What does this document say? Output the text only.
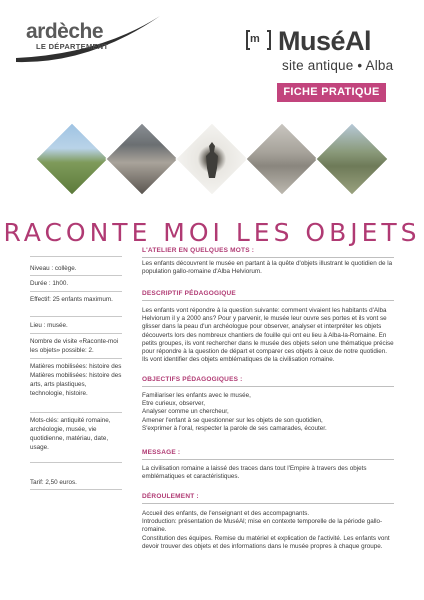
ardèche
LE DÉPARTEMENT
m MuséAl
site antique • Alba
FICHE PRATIQUE
RACONTE MOI LES OBJETS
Niveau : collège.
Durée : 1h00.
Effectif: 25 enfants maximum.
Lieu : musée.
Nombre de visite «Raconte-moi les objets» possible: 2.
Matières mobilisées: histoire des Matières mobilisées: histoire des arts, arts plastiques, technologie, histoire.
Mots-clés: antiquité romaine, archéologie, musée, vie quotidienne, matériau, date, usage.
Tarif: 2,50 euros.
L'ATELIER EN QUELQUES MOTS :

Les enfants découvrent le musée en partant à la quête d'objets illustrant le quotidien de la population gallo-romaine d'Alba Helviorum.

DESCRIPTIF PÉDAGOGIQUE

Les enfants vont répondre à la question suivante: comment vivaient les habitants d'Alba Helviorum il y a 2000 ans? Pour y parvenir, le musée leur ouvre ses portes et ils vont se glisser dans la peau d'un archéologue pour observer, analyser et interpréter les objets découverts lors des nombreux chantiers de fouille qui ont eu lieu à Alba-la-Romaine. En petits groupes, ils vont rechercher dans le musée des objets selon une thématique précise pour répondre à la question de départ et comparer ces objets à ceux de notre quotidien. Ils vont identifier des objets emblématiques de la civilisation romaine.

OBJECTIFS PÉDAGOGIQUES :

Familiariser les enfants avec le musée,

Etre curieux, observer,

Analyser comme un chercheur,

Amener l'enfant à se questionner sur les objets de son quotidien,

S'exprimer à l'oral, respecter la parole de ses camarades, écouter.

MESSAGE :

La civilisation romaine a laissé des traces dans tout l'Empire à travers des objets emblématiques et caractéristiques.

DÉROULEMENT :

Accueil des enfants, de l'enseignant et des accompagnants.

Introduction: présentation de MuséAl; mise en contexte temporelle de la période gallo-romaine.

Constitution des équipes. Remise du matériel et explication de l'activité. Les enfants vont devoir trouver des objets et des informations dans le musée propres à chaque groupe.
